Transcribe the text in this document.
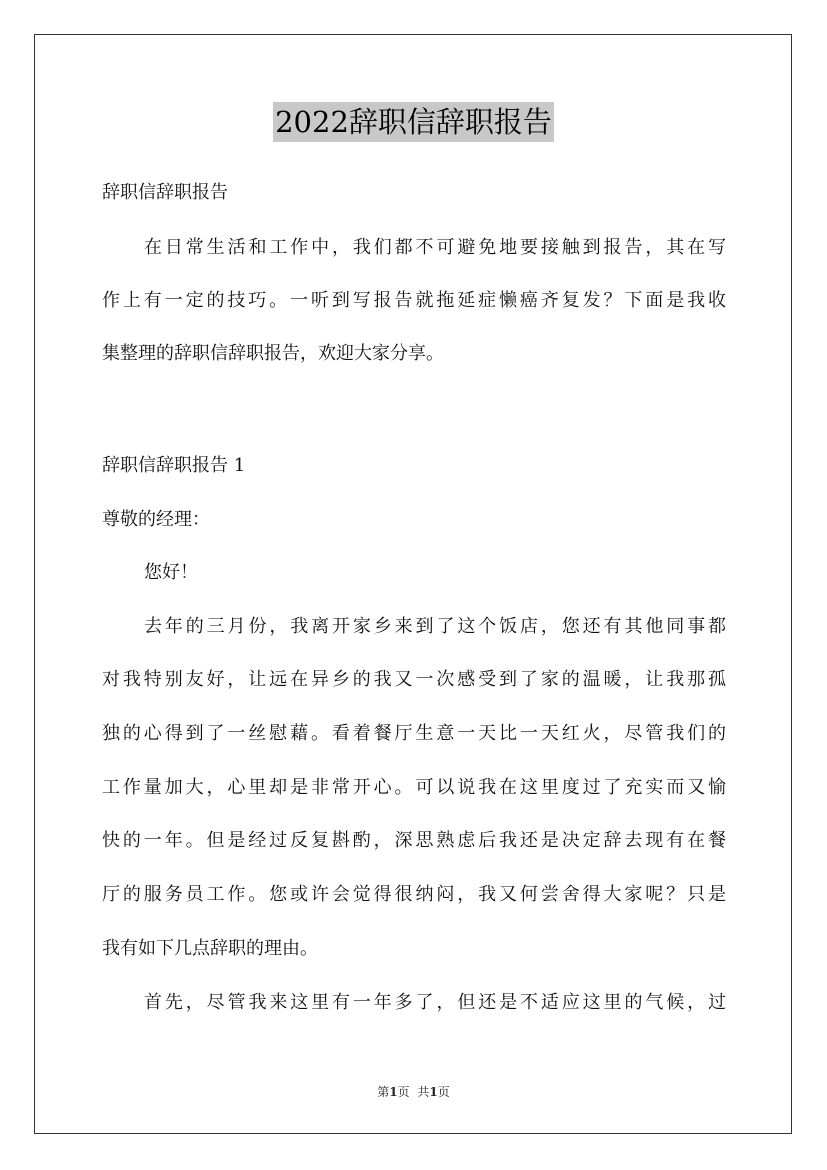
2022辞职信辞职报告
辞职信辞职报告
在日常生活和工作中，我们都不可避免地要接触到报告，其在写
作上有一定的技巧。一听到写报告就拖延症懒癌齐复发？下面是我收
集整理的辞职信辞职报告，欢迎大家分享。
辞职信辞职报告 1
尊敬的经理：
您好！
去年的三月份，我离开家乡来到了这个饭店，您还有其他同事都
对我特别友好，让远在异乡的我又一次感受到了家的温暖，让我那孤
独的心得到了一丝慰藉。看着餐厅生意一天比一天红火，尽管我们的
工作量加大，心里却是非常开心。可以说我在这里度过了充实而又愉
快的一年。但是经过反复斟酌，深思熟虑后我还是决定辞去现有在餐
厅的服务员工作。您或许会觉得很纳闷，我又何尝舍得大家呢？只是
我有如下几点辞职的理由。
首先，尽管我来这里有一年多了，但还是不适应这里的气候，过
第1页 共1页
